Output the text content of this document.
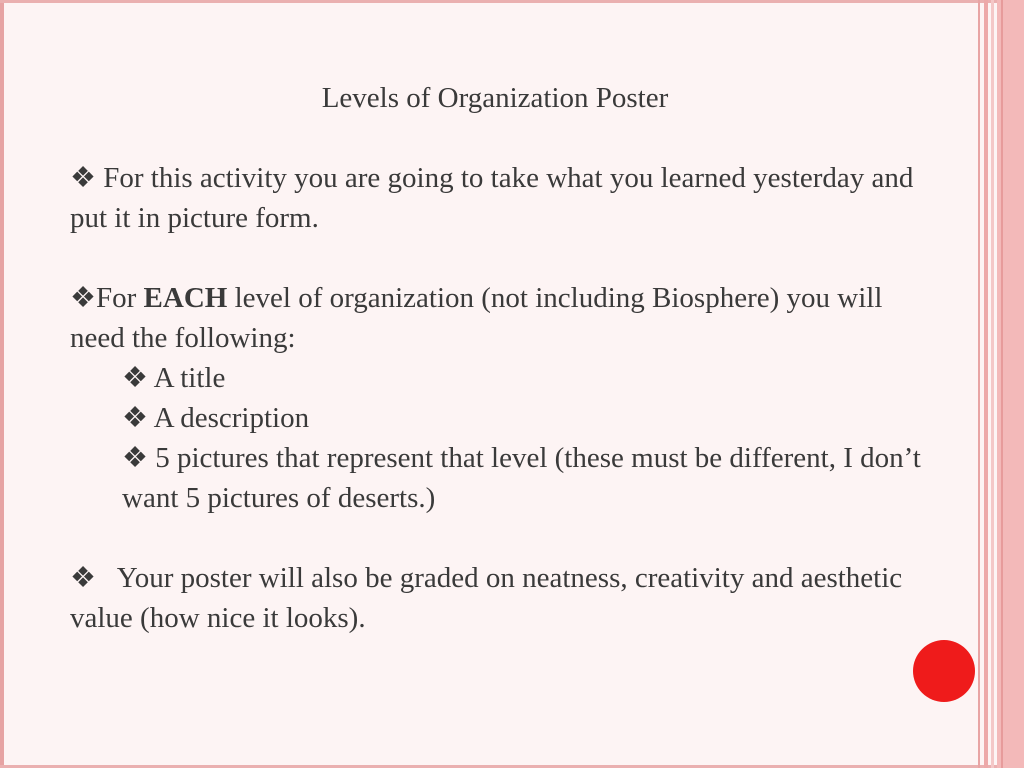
Levels of Organization Poster

❖ For this activity you are going to take what you learned yesterday and put it in picture form.

❖For EACH level of organization (not including Biosphere) you will need the following:

❖ A title

❖ A description

❖ 5 pictures that represent that level (these must be different, I don’t want 5 pictures of deserts.)

❖ Your poster will also be graded on neatness, creativity and aesthetic value (how nice it looks).
